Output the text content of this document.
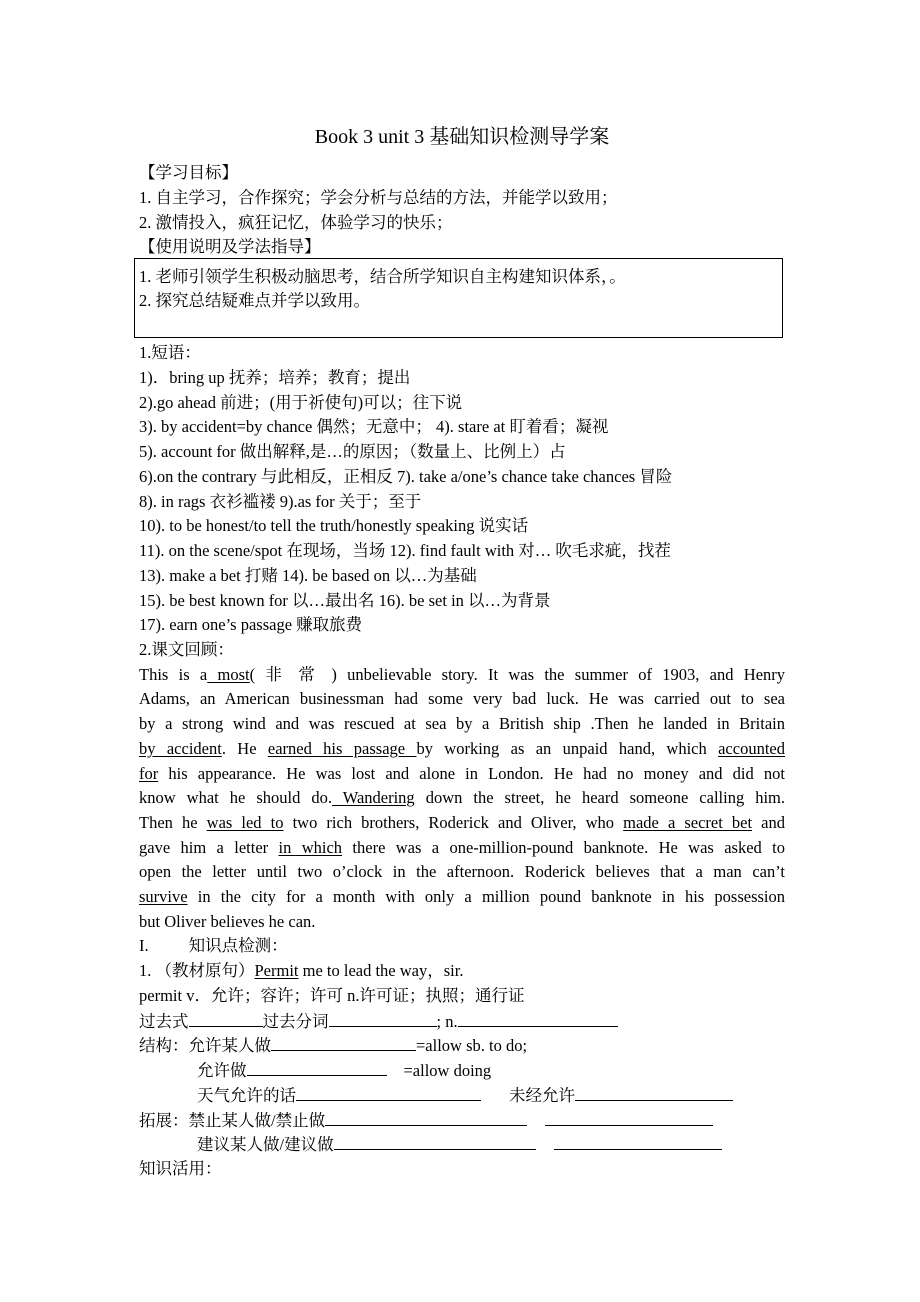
Book 3 unit 3 基础知识检测导学案
【学习目标】
1. 自主学习，合作探究；学会分析与总结的方法，并能学以致用；
2. 激情投入，疯狂记忆，体验学习的快乐；
【使用说明及学法指导】
1. 老师引领学生积极动脑思考，结合所学知识自主构建知识体系，。
2. 探究总结疑难点并学以致用。
1.短语：
1)．bring up 抚养；培养；教育；提出
2).go ahead 前进；(用于祈使句)可以；往下说
3). by accident=by chance 偶然；无意中； 4). stare at 盯着看；凝视
5). account for 做出解释,是…的原因；（数量上、比例上）占
6).on the contrary 与此相反，正相反 7). take a/one’s chance take chances 冒险
8). in rags 衣衫褴褛 9).as for 关于；至于
10). to be honest/to tell the truth/honestly speaking 说实话
11). on the scene/spot 在现场，当场 12). find fault with 对… 吹毛求疵，找茬
13). make a bet 打赌 14). be based on 以…为基础
15). be best known for 以…最出名 16). be set in 以…为背景
17). earn one’s passage 赚取旅费
2.课文回顾：
This is a most( 非 常 ) unbelievable story. It was the summer of 1903, and Henry
Adams, an American businessman had some very bad luck. He was carried out to sea
by a strong wind and was rescued at sea by a British ship .Then he landed in Britain
by accident. He earned his passage by working as an unpaid hand, which accounted
for his appearance. He was lost and alone in London. He had no money and did not
know what he should do. Wandering down the street, he heard someone calling him.
Then he was led to two rich brothers, Roderick and Oliver, who made a secret bet and
gave him a letter in which there was a one-million-pound banknote. He was asked to
open the letter until two o’clock in the afternoon. Roderick believes that a man can’t
survive in the city for a month with only a million pound banknote in his possession
but Oliver believes he can.
I. 知识点检测：
1. （教材原句）Permit me to lead the way，sir.
permit v．允许；容许；许可 n.许可证；执照；通行证
过去式	过去分词	; n.
结构：允许某人做	=allow sb. to do;
允许做	=allow doing
天气允许的话	未经允许
拓展：禁止某人做/禁止做
建议某人做/建议做
知识活用：
